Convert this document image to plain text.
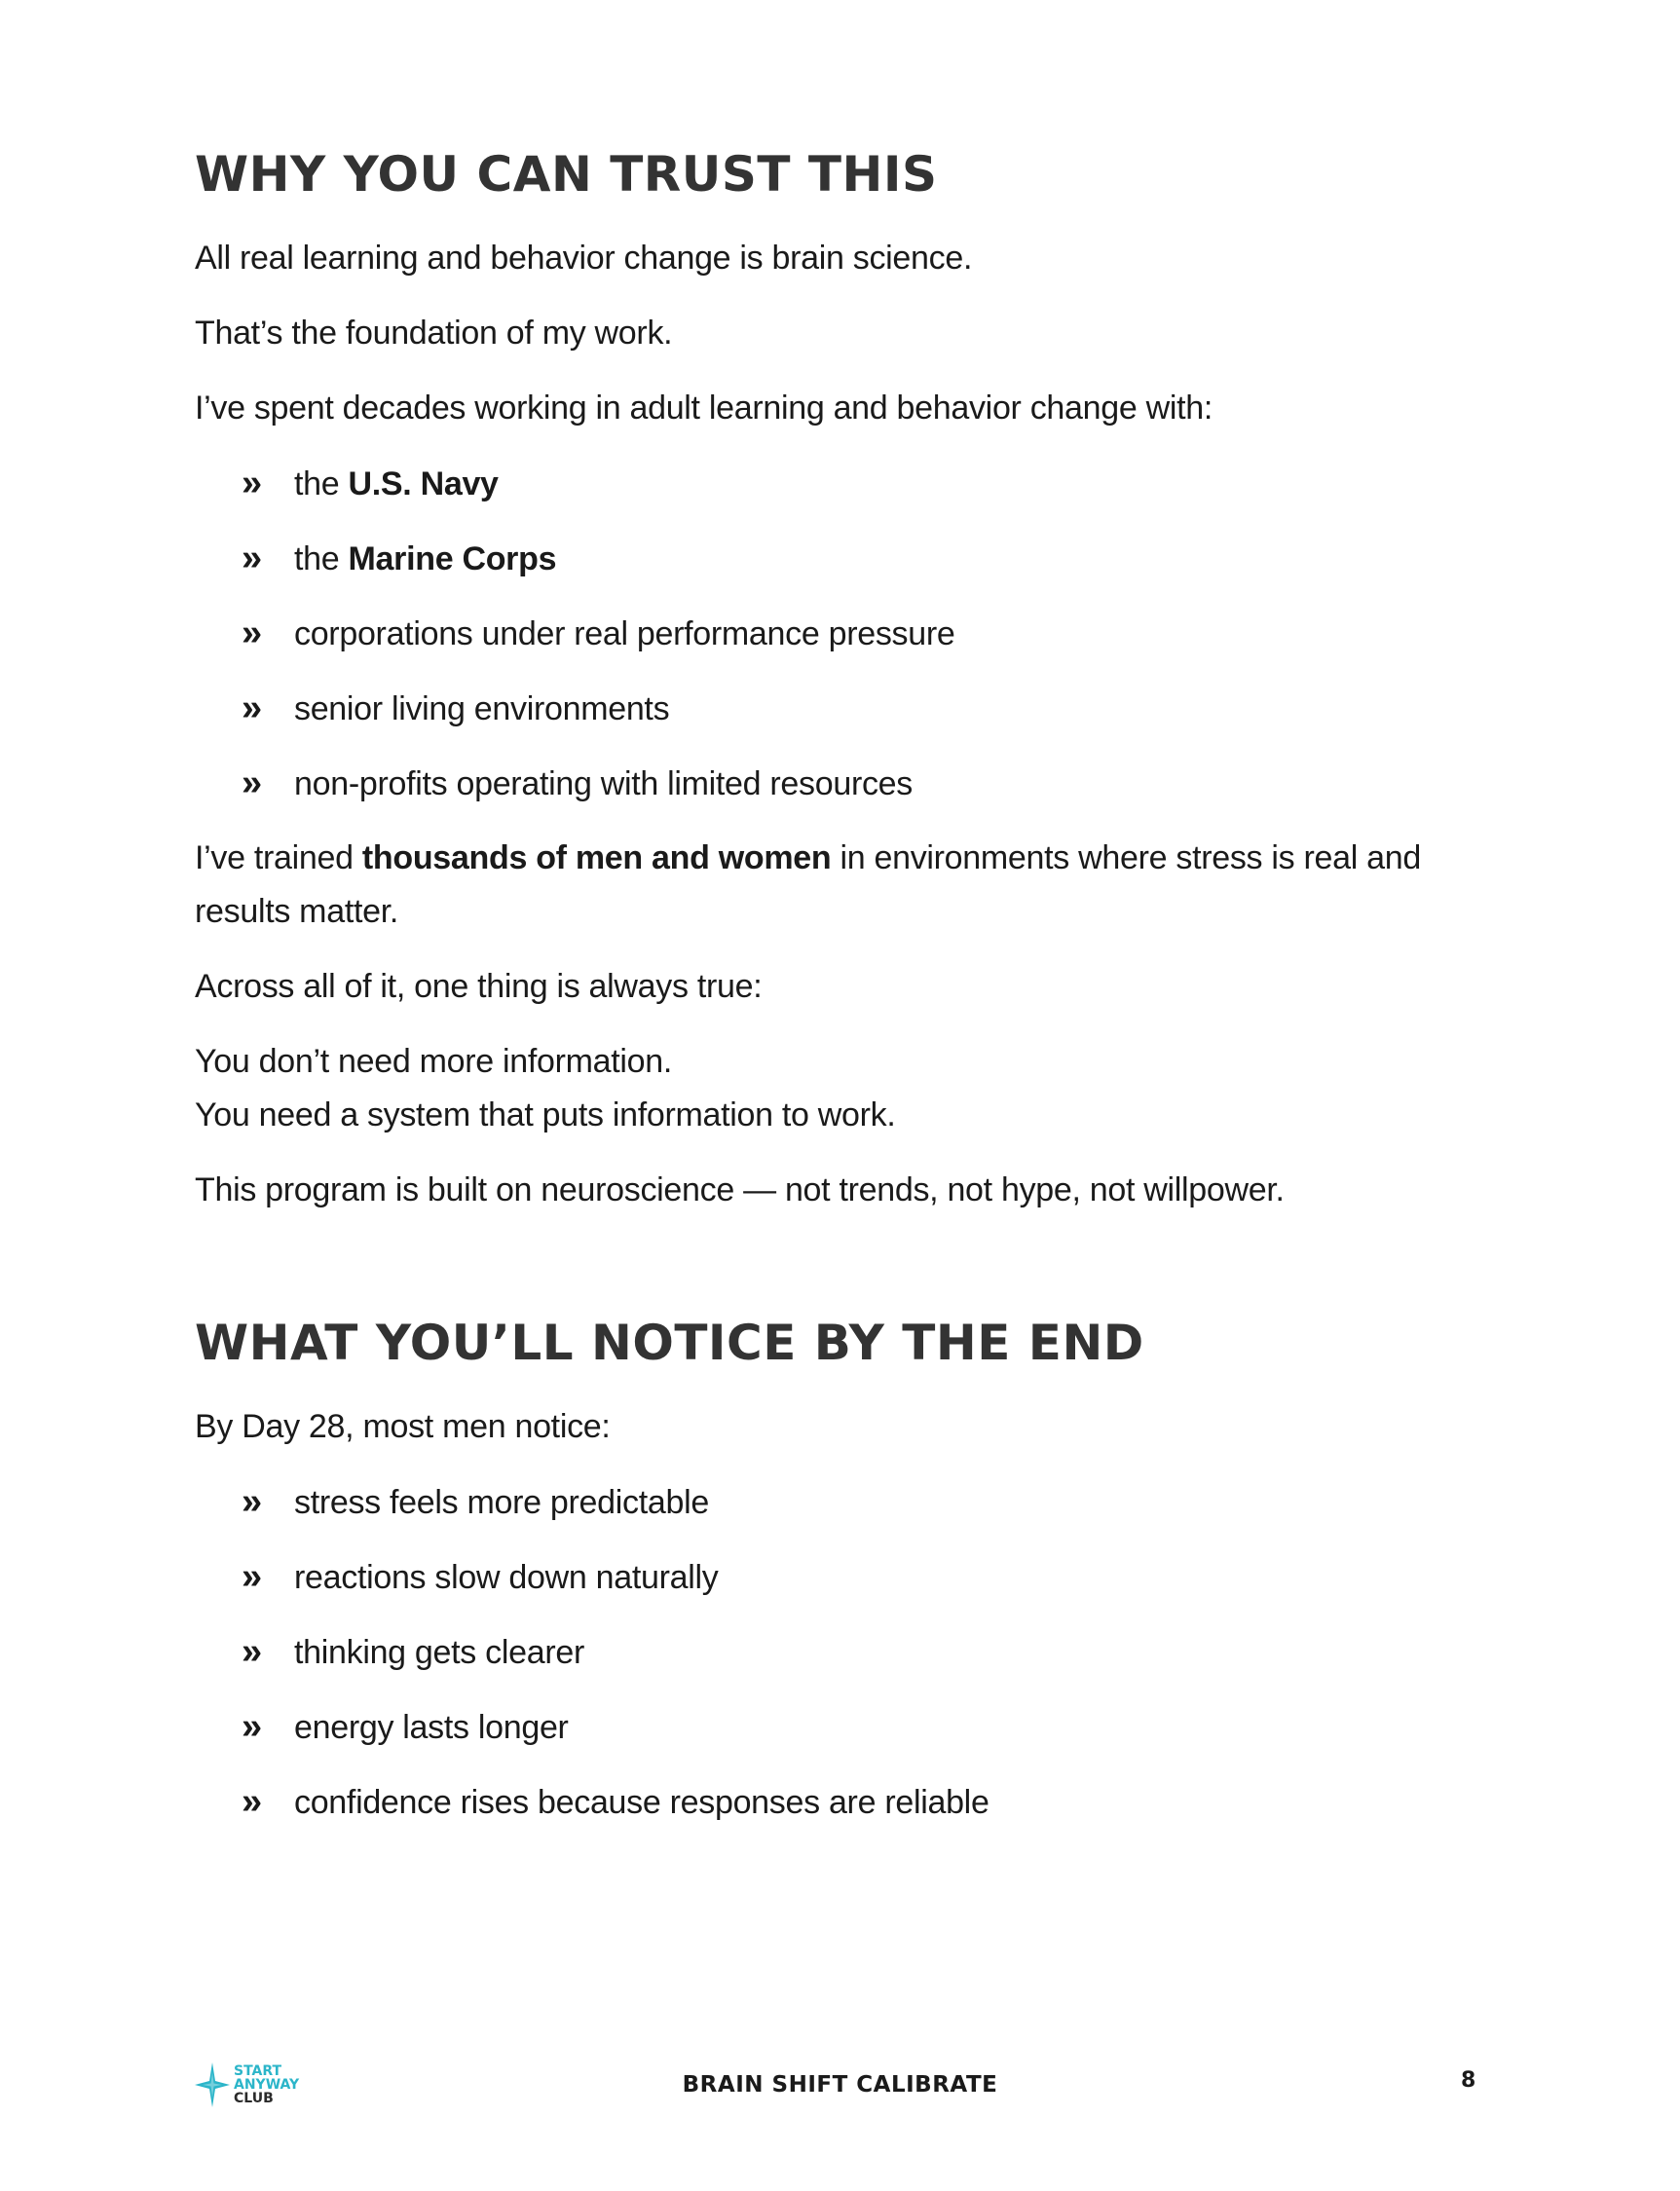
WHY YOU CAN TRUST THIS

All real learning and behavior change is brain science.

That’s the foundation of my work.

I’ve spent decades working in adult learning and behavior change with:

» the U.S. Navy

» the Marine Corps

» corporations under real performance pressure

» senior living environments

» non-profits operating with limited resources

I’ve trained thousands of men and women in environments where stress is real and results matter.

Across all of it, one thing is always true:

You don’t need more information.
You need a system that puts information to work.

This program is built on neuroscience — not trends, not hype, not willpower.

WHAT YOU’LL NOTICE BY THE END

By Day 28, most men notice:

» stress feels more predictable

» reactions slow down naturally

» thinking gets clearer

» energy lasts longer

» confidence rises because responses are reliable

START
ANYWAY
CLUB
BRAIN SHIFT CALIBRATE	8
